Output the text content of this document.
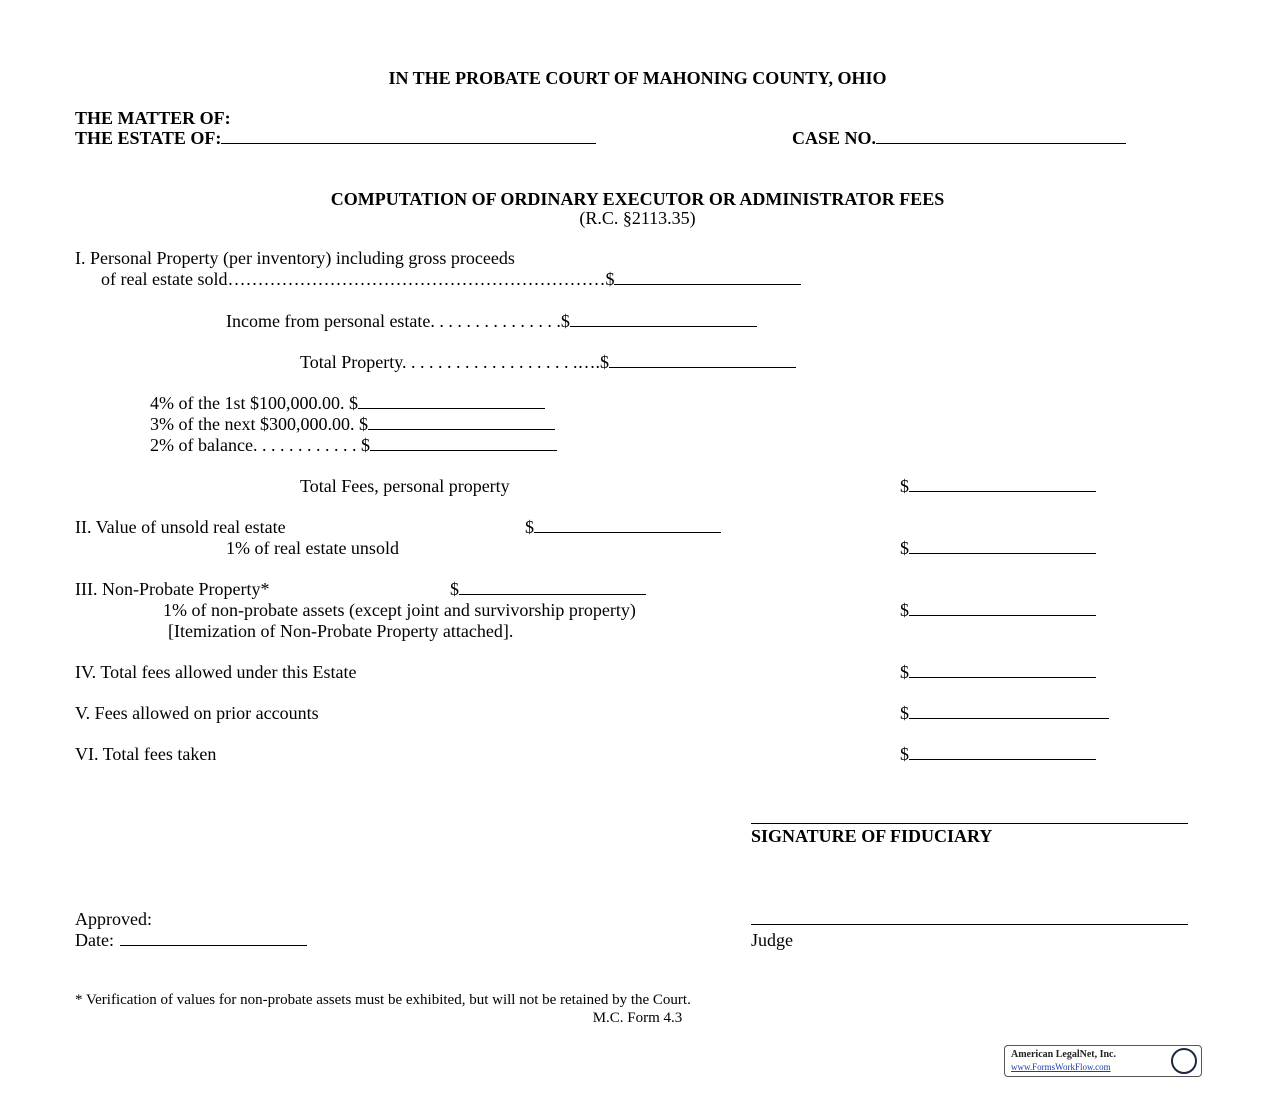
IN THE PROBATE COURT OF MAHONING COUNTY, OHIO
THE MATTER OF:
THE ESTATE OF:	CASE NO.
COMPUTATION OF ORDINARY EXECUTOR OR ADMINISTRATOR FEES
(R.C. §2113.35)
I. Personal Property (per inventory) including gross proceeds
of real estate sold………………………………………………………$
Income from personal estate. . . . . . . . . . . . . . .$
Total Property. . . . . . . . . . . . . . . . . . . .….$
4% of the 1st $100,000.00. $
3% of the next $300,000.00. $
2% of balance. . . . . . . . . . . . $
Total Fees, personal property	$
II. Value of unsold real estate	$
1% of real estate unsold	$
III. Non-Probate Property*	$
1% of non-probate assets (except joint and survivorship property)	$
[Itemization of Non-Probate Property attached].
IV. Total fees allowed under this Estate	$
V. Fees allowed on prior accounts	$
VI. Total fees taken	$
SIGNATURE OF FIDUCIARY
Approved:
Date:	Judge
* Verification of values for non-probate assets must be exhibited, but will not be retained by the Court.
M.C. Form 4.3
American LegalNet, Inc.
www.FormsWorkFlow.com
